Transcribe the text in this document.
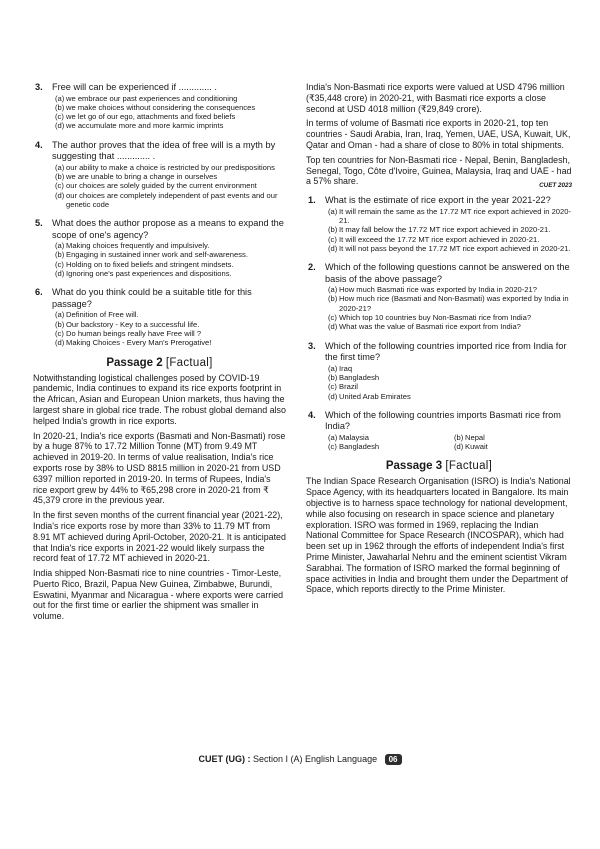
3.	Free will can be experienced if ............. .
(a) we embrace our past experiences and conditioning
(b) we make choices without considering the consequences
(c) we let go of our ego, attachments and fixed beliefs
(d) we accumulate more and more karmic imprints
4.	The author proves that the idea of free will is a myth by suggesting that ............. .
(a) our ability to make a choice is restricted by our predispositions
(b) we are unable to bring a change in ourselves
(c) our choices are solely guided by the current environment
(d) our choices are completely independent of past events and our genetic code
5.	What does the author propose as a means to expand the scope of one's agency?
(a) Making choices frequently and impulsively.
(b) Engaging in sustained inner work and self-awareness.
(c) Holding on to fixed beliefs and stringent mindsets.
(d) Ignoring one's past experiences and dispositions.
6.	What do you think could be a suitable title for this passage?
(a) Definition of Free will.
(b) Our backstory - Key to a successful life.
(c) Do human beings really have Free will ?
(d) Making Choices - Every Man's Prerogative!
Passage 2 [Factual]

Notwithstanding logistical challenges posed by COVID-19 pandemic, India continues to expand its rice exports footprint in the African, Asian and European Union markets, thus having the largest share in global rice trade. The robust global demand also helped India's growth in rice exports.

In 2020-21, India's rice exports (Basmati and Non-Basmati) rose by a huge 87% to 17.72 Million Tonne (MT) from 9.49 MT achieved in 2019-20. In terms of value realisation, India's rice exports rose by 38% to USD 8815 million in 2020-21 from USD 6397 million reported in 2019-20. In terms of Rupees, India's rice export grew by 44% to ₹65,298 crore in 2020-21 from ₹ 45,379 crore in the previous year.

In the first seven months of the current financial year (2021-22), India's rice exports rose by more than 33% to 11.79 MT from 8.91 MT achieved during April-October, 2020-21. It is anticipated that India's rice exports in 2021-22 would likely surpass the record feat of 17.72 MT achieved in 2020-21.

India shipped Non-Basmati rice to nine countries - Timor-Leste, Puerto Rico, Brazil, Papua New Guinea, Zimbabwe, Burundi, Eswatini, Myanmar and Nicaragua - where exports were carried out for the first time or earlier the shipment was smaller in volume.

India's Non-Basmati rice exports were valued at USD 4796 million (₹35,448 crore) in 2020-21, with Basmati rice exports a close second at USD 4018 million (₹29,849 crore).

In terms of volume of Basmati rice exports in 2020-21, top ten countries - Saudi Arabia, Iran, Iraq, Yemen, UAE, USA, Kuwait, UK, Qatar and Oman - had a share of close to 80% in total shipments.

Top ten countries for Non-Basmati rice - Nepal, Benin, Bangladesh, Senegal, Togo, Côte d'Ivoire, Guinea, Malaysia, Iraq and UAE - had a 57% share.	CUET 2023
1.	What is the estimate of rice export in the year 2021-22?
(a) It will remain the same as the 17.72 MT rice export achieved in 2020-21.
(b) It may fall below the 17.72 MT rice export achieved in 2020-21.
(c) It will exceed the 17.72 MT rice export achieved in 2020-21.
(d) It will not pass beyond the 17.72 MT rice export achieved in 2020-21.
2.	Which of the following questions cannot be answered on the basis of the above passage?
(a) How much Basmati rice was exported by India in 2020-21?
(b) How much rice (Basmati and Non-Basmati) was exported by India in 2020-21?
(c) Which top 10 countries buy Non-Basmati rice from India?
(d) What was the value of Basmati rice export from India?
3.	Which of the following countries imported rice from India for the first time?
(a) Iraq
(b) Bangladesh
(c) Brazil
(d) United Arab Emirates
4.	Which of the following countries imports Basmati rice from India?
(a) Malaysia	(b) Nepal
(c) Bangladesh	(d) Kuwait
Passage 3 [Factual]

The Indian Space Research Organisation (ISRO) is India's National Space Agency, with its headquarters located in Bangalore. Its main objective is to harness space technology for national development, while also focusing on research in space science and planetary exploration. ISRO was formed in 1969, replacing the Indian National Committee for Space Research (INCOSPAR), which had been set up in 1962 through the efforts of independent India's first Prime Minister, Jawaharlal Nehru and the eminent scientist Vikram Sarabhai. The formation of ISRO marked the formal beginning of space activities in India and brought them under the Department of Space, which reports directly to the Prime Minister.

CUET (UG) : Section I (A) English Language 06
